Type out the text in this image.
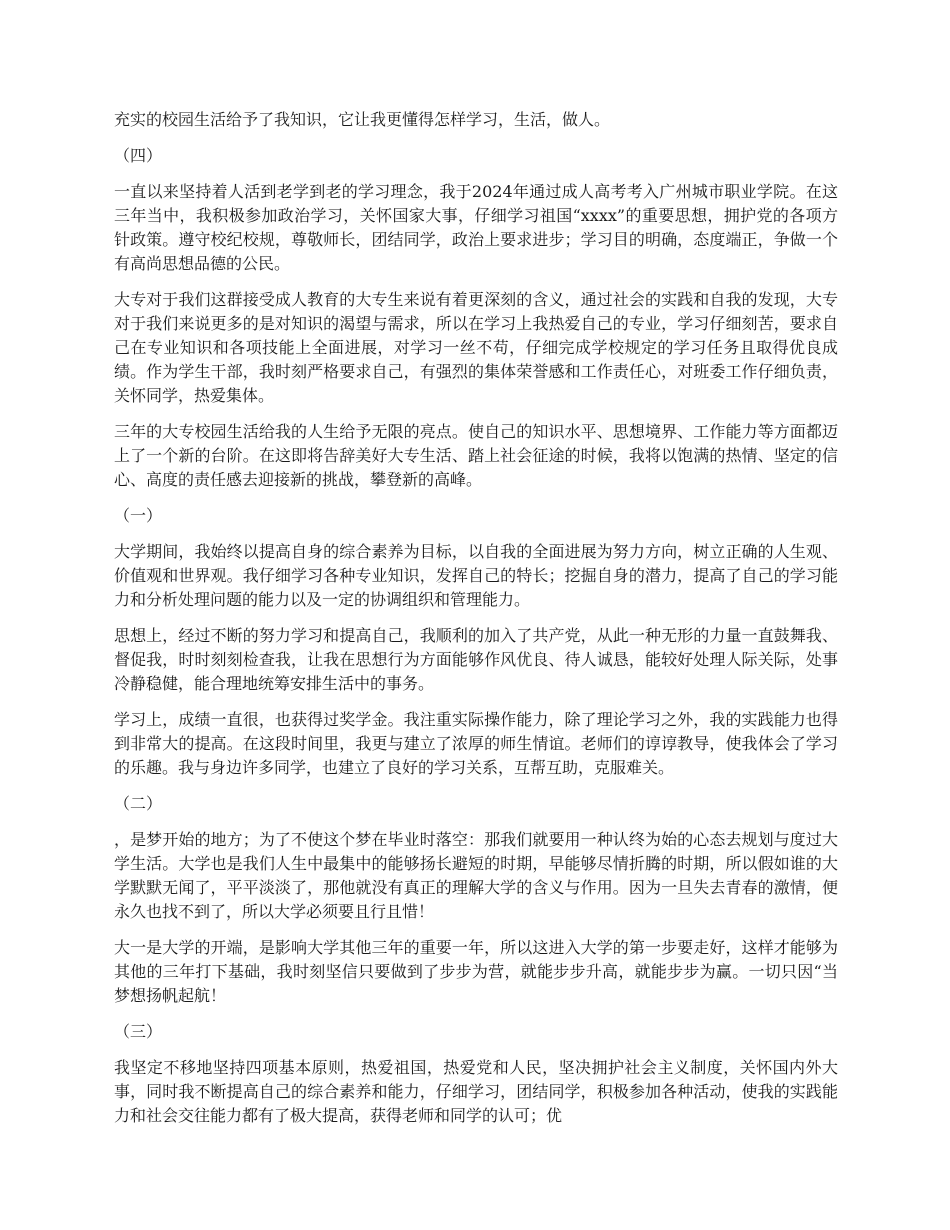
充实的校园生活给予了我知识，它让我更懂得怎样学习，生活，做人。

（四）

一直以来坚持着人活到老学到老的学习理念，我于2024年通过成人高考考入广州城市职业学院。在这三年当中，我积极参加政治学习，关怀国家大事，仔细学习祖国“xxxx”的重要思想，拥护党的各项方针政策。遵守校纪校规，尊敬师长，团结同学，政治上要求进步；学习目的明确，态度端正，争做一个有高尚思想品德的公民。

大专对于我们这群接受成人教育的大专生来说有着更深刻的含义，通过社会的实践和自我的发现，大专对于我们来说更多的是对知识的渴望与需求，所以在学习上我热爱自己的专业，学习仔细刻苦，要求自己在专业知识和各项技能上全面进展，对学习一丝不苟，仔细完成学校规定的学习任务且取得优良成绩。作为学生干部，我时刻严格要求自己，有强烈的集体荣誉感和工作责任心，对班委工作仔细负责，关怀同学，热爱集体。

三年的大专校园生活给我的人生给予无限的亮点。使自己的知识水平、思想境界、工作能力等方面都迈上了一个新的台阶。在这即将告辞美好大专生活、踏上社会征途的时候，我将以饱满的热情、坚定的信心、高度的责任感去迎接新的挑战，攀登新的高峰。

（一）

大学期间，我始终以提高自身的综合素养为目标，以自我的全面进展为努力方向，树立正确的人生观、价值观和世界观。我仔细学习各种专业知识，发挥自己的特长；挖掘自身的潜力，提高了自己的学习能力和分析处理问题的能力以及一定的协调组织和管理能力。

思想上，经过不断的努力学习和提高自己，我顺利的加入了共产党，从此一种无形的力量一直鼓舞我、督促我，时时刻刻检查我，让我在思想行为方面能够作风优良、待人诚恳，能较好处理人际关际，处事冷静稳健，能合理地统筹安排生活中的事务。

学习上，成绩一直很，也获得过奖学金。我注重实际操作能力，除了理论学习之外，我的实践能力也得到非常大的提高。在这段时间里，我更与建立了浓厚的师生情谊。老师们的谆谆教导，使我体会了学习的乐趣。我与身边许多同学，也建立了良好的学习关系，互帮互助，克服难关。

（二）

，是梦开始的地方；为了不使这个梦在毕业时落空：那我们就要用一种认终为始的心态去规划与度过大学生活。大学也是我们人生中最集中的能够扬长避短的时期，早能够尽情折腾的时期，所以假如谁的大学默默无闻了，平平淡淡了，那他就没有真正的理解大学的含义与作用。因为一旦失去青春的激情，便永久也找不到了，所以大学必须要且行且惜！

大一是大学的开端，是影响大学其他三年的重要一年，所以这进入大学的第一步要走好，这样才能够为其他的三年打下基础，我时刻坚信只要做到了步步为营，就能步步升高，就能步步为赢。一切只因“当梦想扬帆起航！

（三）

我坚定不移地坚持四项基本原则，热爱祖国，热爱党和人民，坚决拥护社会主义制度，关怀国内外大事，同时我不断提高自己的综合素养和能力，仔细学习，团结同学，积极参加各种活动，使我的实践能力和社会交往能力都有了极大提高，获得老师和同学的认可；优
